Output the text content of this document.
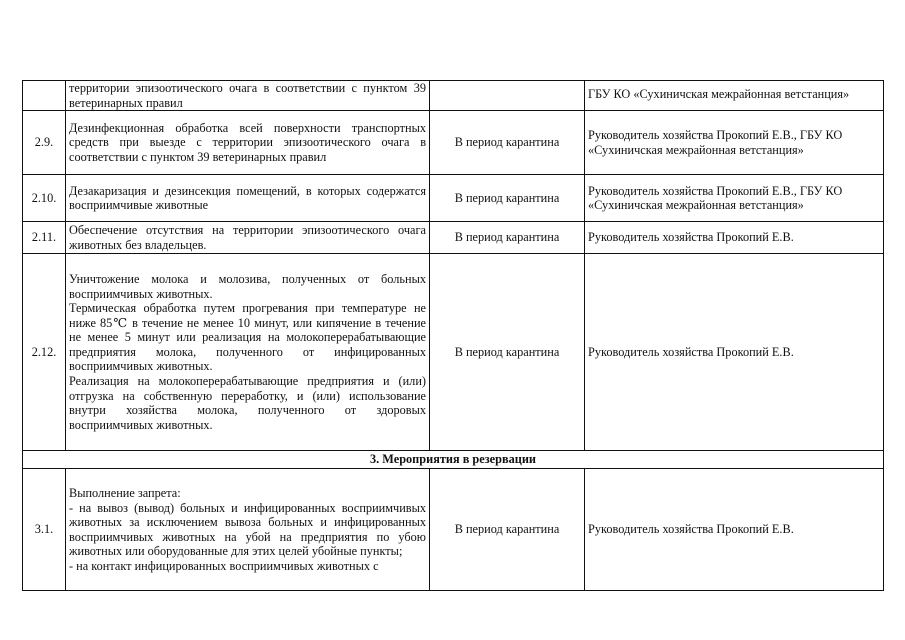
	территории эпизоотического очага в соответствии с пунктом 39 ветеринарных правил		ГБУ КО «Сухиничская межрайонная ветстанция»
2.9.	Дезинфекционная обработка всей поверхности транспортных средств при выезде с территории эпизоотического очага в соответствии с пунктом 39 ветеринарных правил	В период карантина	Руководитель хозяйства Прокопий Е.В., ГБУ КО «Сухиничская межрайонная ветстанция»
2.10.	Дезакаризация и дезинсекция помещений, в которых содержатся восприимчивые животные	В период карантина	Руководитель хозяйства Прокопий Е.В., ГБУ КО «Сухиничская межрайонная ветстанция»
2.11.	Обеспечение отсутствия на территории эпизоотического очага животных без владельцев.	В период карантина	Руководитель хозяйства Прокопий Е.В.
2.12.	Уничтожение молока и молозива, полученных от больных восприимчивых животных.
Термическая обработка путем прогревания при температуре не ниже 85℃ в течение не менее 10 минут, или кипячение в течение не менее 5 минут или реализация на молокоперерабатывающие предприятия молока, полученного от инфицированных восприимчивых животных.
Реализация на молокоперерабатывающие предприятия и (или) отгрузка на собственную переработку, и (или) использование внутри хозяйства молока, полученного от здоровых восприимчивых животных.	В период карантина	Руководитель хозяйства Прокопий Е.В.
3. Мероприятия в резервации			
3.1.	Выполнение запрета:
- на вывоз (вывод) больных и инфицированных восприимчивых животных за исключением вывоза больных и инфицированных восприимчивых животных на убой на предприятия по убою животных или оборудованные для этих целей убойные пункты;
- на контакт инфицированных восприимчивых животных с	В период карантина	Руководитель хозяйства Прокопий Е.В.
